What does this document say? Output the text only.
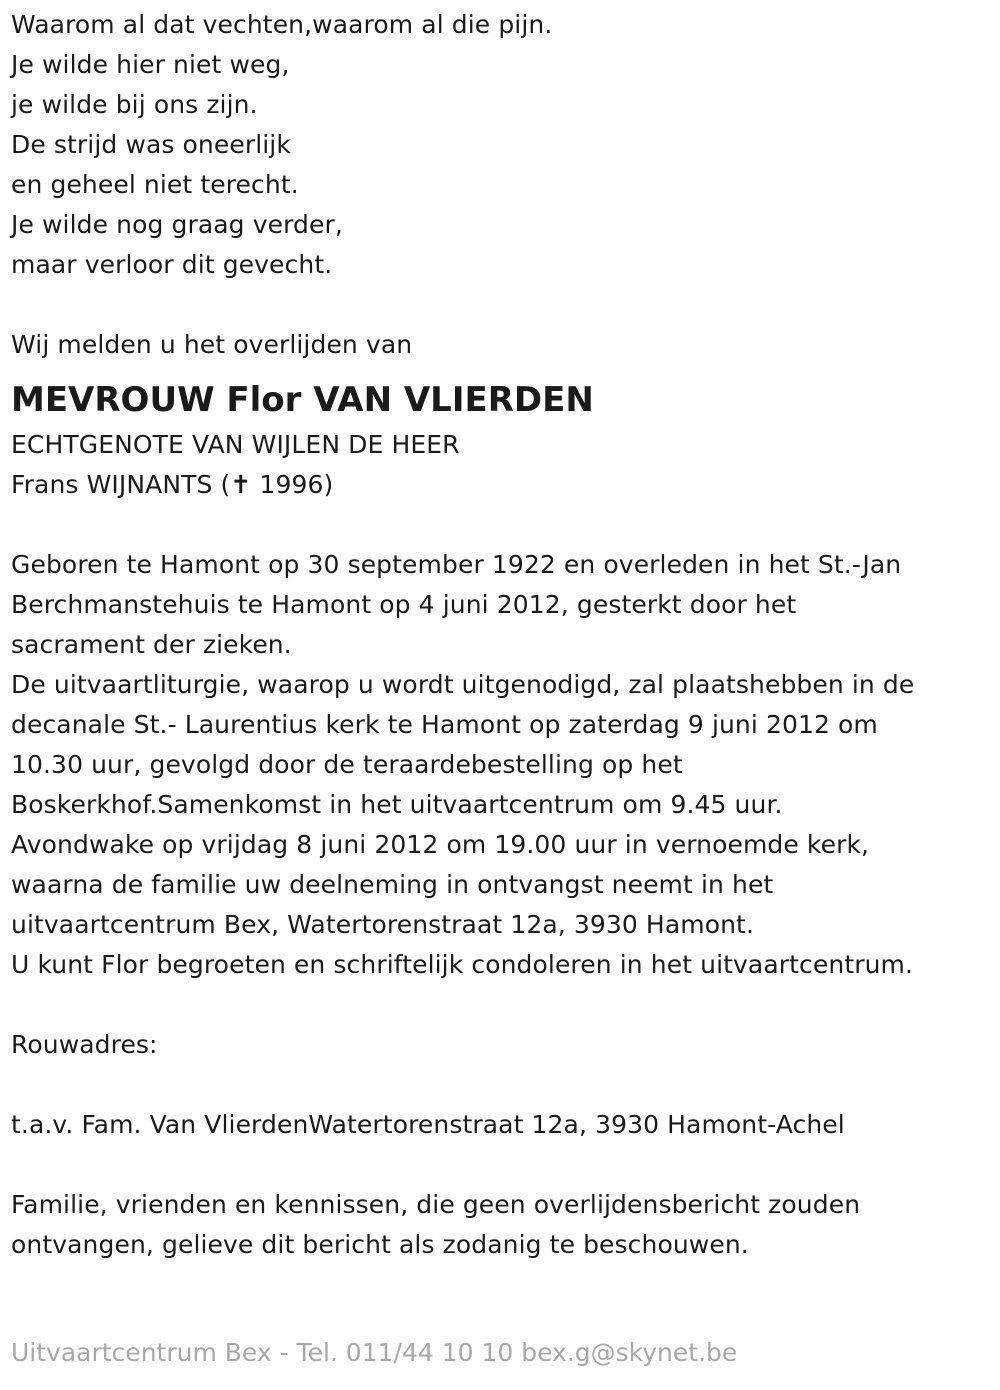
Waarom al dat vechten,waarom al die pijn.
Je wilde hier niet weg,
je wilde bij ons zijn.
De strijd was oneerlijk
en geheel niet terecht.
Je wilde nog graag verder,
maar verloor dit gevecht.
Wij melden u het overlijden van
MEVROUW Flor VAN VLIERDEN
ECHTGENOTE VAN WIJLEN DE HEER
Frans WIJNANTS (✝ 1996)
Geboren te Hamont op 30 september 1922 en overleden in het St.-Jan
Berchmanstehuis te Hamont op 4 juni 2012, gesterkt door het
sacrament der zieken.
De uitvaartliturgie, waarop u wordt uitgenodigd, zal plaatshebben in de
decanale St.- Laurentius kerk te Hamont op zaterdag 9 juni 2012 om
10.30 uur, gevolgd door de teraardebestelling op het
Boskerkhof.Samenkomst in het uitvaartcentrum om 9.45 uur.
Avondwake op vrijdag 8 juni 2012 om 19.00 uur in vernoemde kerk,
waarna de familie uw deelneming in ontvangst neemt in het
uitvaartcentrum Bex, Watertorenstraat 12a, 3930 Hamont.
U kunt Flor begroeten en schriftelijk condoleren in het uitvaartcentrum.
Rouwadres:
t.a.v. Fam. Van VlierdenWatertorenstraat 12a, 3930 Hamont-Achel
Familie, vrienden en kennissen, die geen overlijdensbericht zouden
ontvangen, gelieve dit bericht als zodanig te beschouwen.
Uitvaartcentrum Bex - Tel. 011/44 10 10 bex.g@skynet.be
